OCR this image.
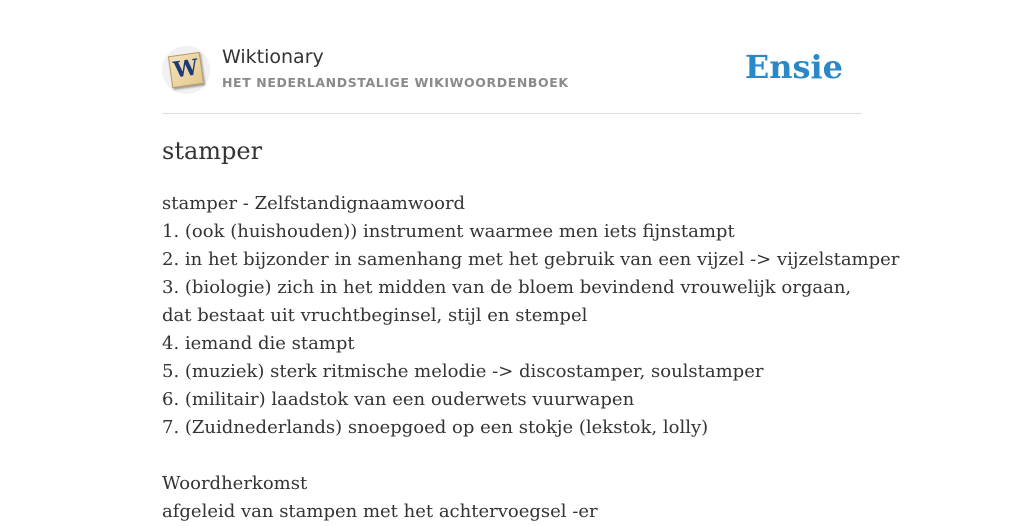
W Wiktionary
HET NEDERLANDSTALIGE WIKIWOORDENBOEK	Ensie
stamper
stamper - Zelfstandignaamwoord
1. (ook (huishouden)) instrument waarmee men iets fijnstampt
2. in het bijzonder in samenhang met het gebruik van een vijzel -> vijzelstamper
3. (biologie) zich in het midden van de bloem bevindend vrouwelijk orgaan, dat bestaat uit vruchtbeginsel, stijl en stempel
4. iemand die stampt
5. (muziek) sterk ritmische melodie -> discostamper, soulstamper
6. (militair) laadstok van een ouderwets vuurwapen
7. (Zuidnederlands) snoepgoed op een stokje (lekstok, lolly)
Woordherkomst
afgeleid van stampen met het achtervoegsel -er
